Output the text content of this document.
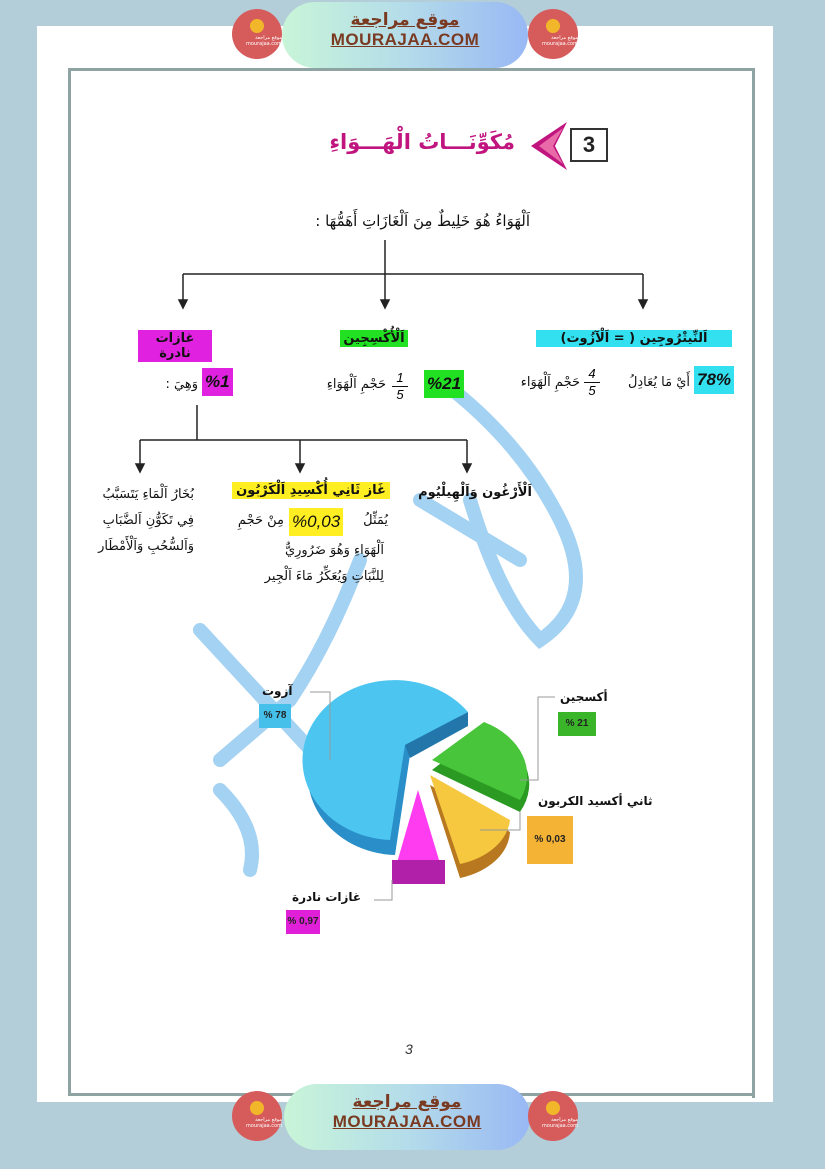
موقع مراجعة mourajaa.com
موقع مراجعة
MOURAJAA.COM	موقع مراجعة mourajaa.com
3
مُكَوِّنَـــاتُ الْهَـــوَاءِ
اَلْهَوَاءُ هُوَ خَلِيطٌ مِنَ اَلْغَازَاتِ أَهَمُّهَا :
اَلنِّيتْرُوجِين ( = اَلْآزُوت)
78%
أَيْ مَا يُعَادِلُ
$\frac{4}{5}$
حَجْمِ اَلْهَوَاء
اَلْأُكْسِجِين
%21
$\frac{1}{5}$
حَجْمِ اَلْهَوَاءِ
غازات نادرة
%1
وَهِيَ :
اَلْأَرْغُون وَاَلْهِيلْيُوم
غَاز ثَانِي أُكْسِيدِ اَلْكَرْبُون
يُمَثِّلُ
%0,03
مِنْ حَجْمِ
اَلْهَوَاءِ وَهُوَ ضَرُورِيٌّ
لِلنَّبَاتِ وَيُعَكِّرُ مَاءَ اَلْجِير
بُخَارُ اَلْمَاءِ يَتَسَبَّبُ
فِي تَكَوُّنِ اَلضَّبَابِ
وَاَلسُّحُبِ وَاَلْأَمْطَار
آزوت
% 78
أكسجين
% 21
ثاني أكسيد الكربون
% 0,03
غازات نادرة
% 0,97
3
موقع مراجعة mourajaa.com
موقع مراجعة
MOURAJAA.COM	موقع مراجعة mourajaa.com
